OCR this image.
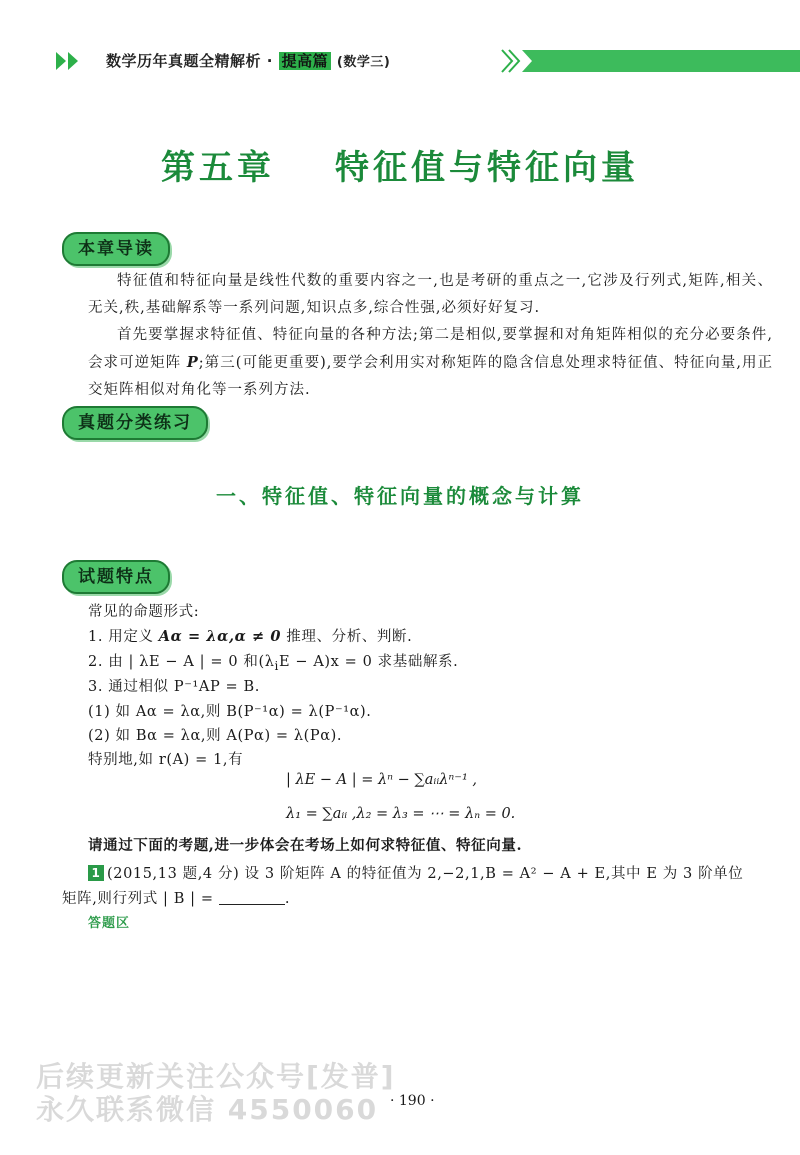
数学历年真题全精解析 · 提高篇 (数学三)
第五章 特征值与特征向量
本章导读
特征值和特征向量是线性代数的重要内容之一,也是考研的重点之一,它涉及行列式,矩阵,相关、无关,秩,基础解系等一系列问题,知识点多,综合性强,必须好好复习.
首先要掌握求特征值、特征向量的各种方法;第二是相似,要掌握和对角矩阵相似的充分必要条件,会求可逆矩阵 P;第三(可能更重要),要学会利用实对称矩阵的隐含信息处理求特征值、特征向量,用正交矩阵相似对角化等一系列方法.
真题分类练习
一、特征值、特征向量的概念与计算
试题特点
常见的命题形式:
1. 用定义 Aα = λα,α ≠ 0 推理、分析、判断.
2. 由 | λE − A | = 0 和$(\lambda_iE - A)x = 0$ 求基础解系.
3. 通过相似 P⁻¹AP = B.
(1) 如 Aα = λα,则 B(P⁻¹α) = λ(P⁻¹α).
(2) 如 Bα = λα,则 A(Pα) = λ(Pα).
特别地,如 r(A) = 1,有
| λE − A | = λⁿ − ∑aᵢᵢλⁿ⁻¹ ,
λ₁ = ∑aᵢᵢ ,λ₂ = λ₃ = ⋯ = λₙ = 0.
请通过下面的考题,进一步体会在考场上如何求特征值、特征向量.
1 (2015,13 题,4 分) 设 3 阶矩阵 A 的特征值为 2,−2,1,B = A² − A + E,其中 E 为 3 阶单位
矩阵,则行列式 | B | =	.
答题区
后续更新关注公众号[发普]
永久联系微信 4550060 · 190 ·
